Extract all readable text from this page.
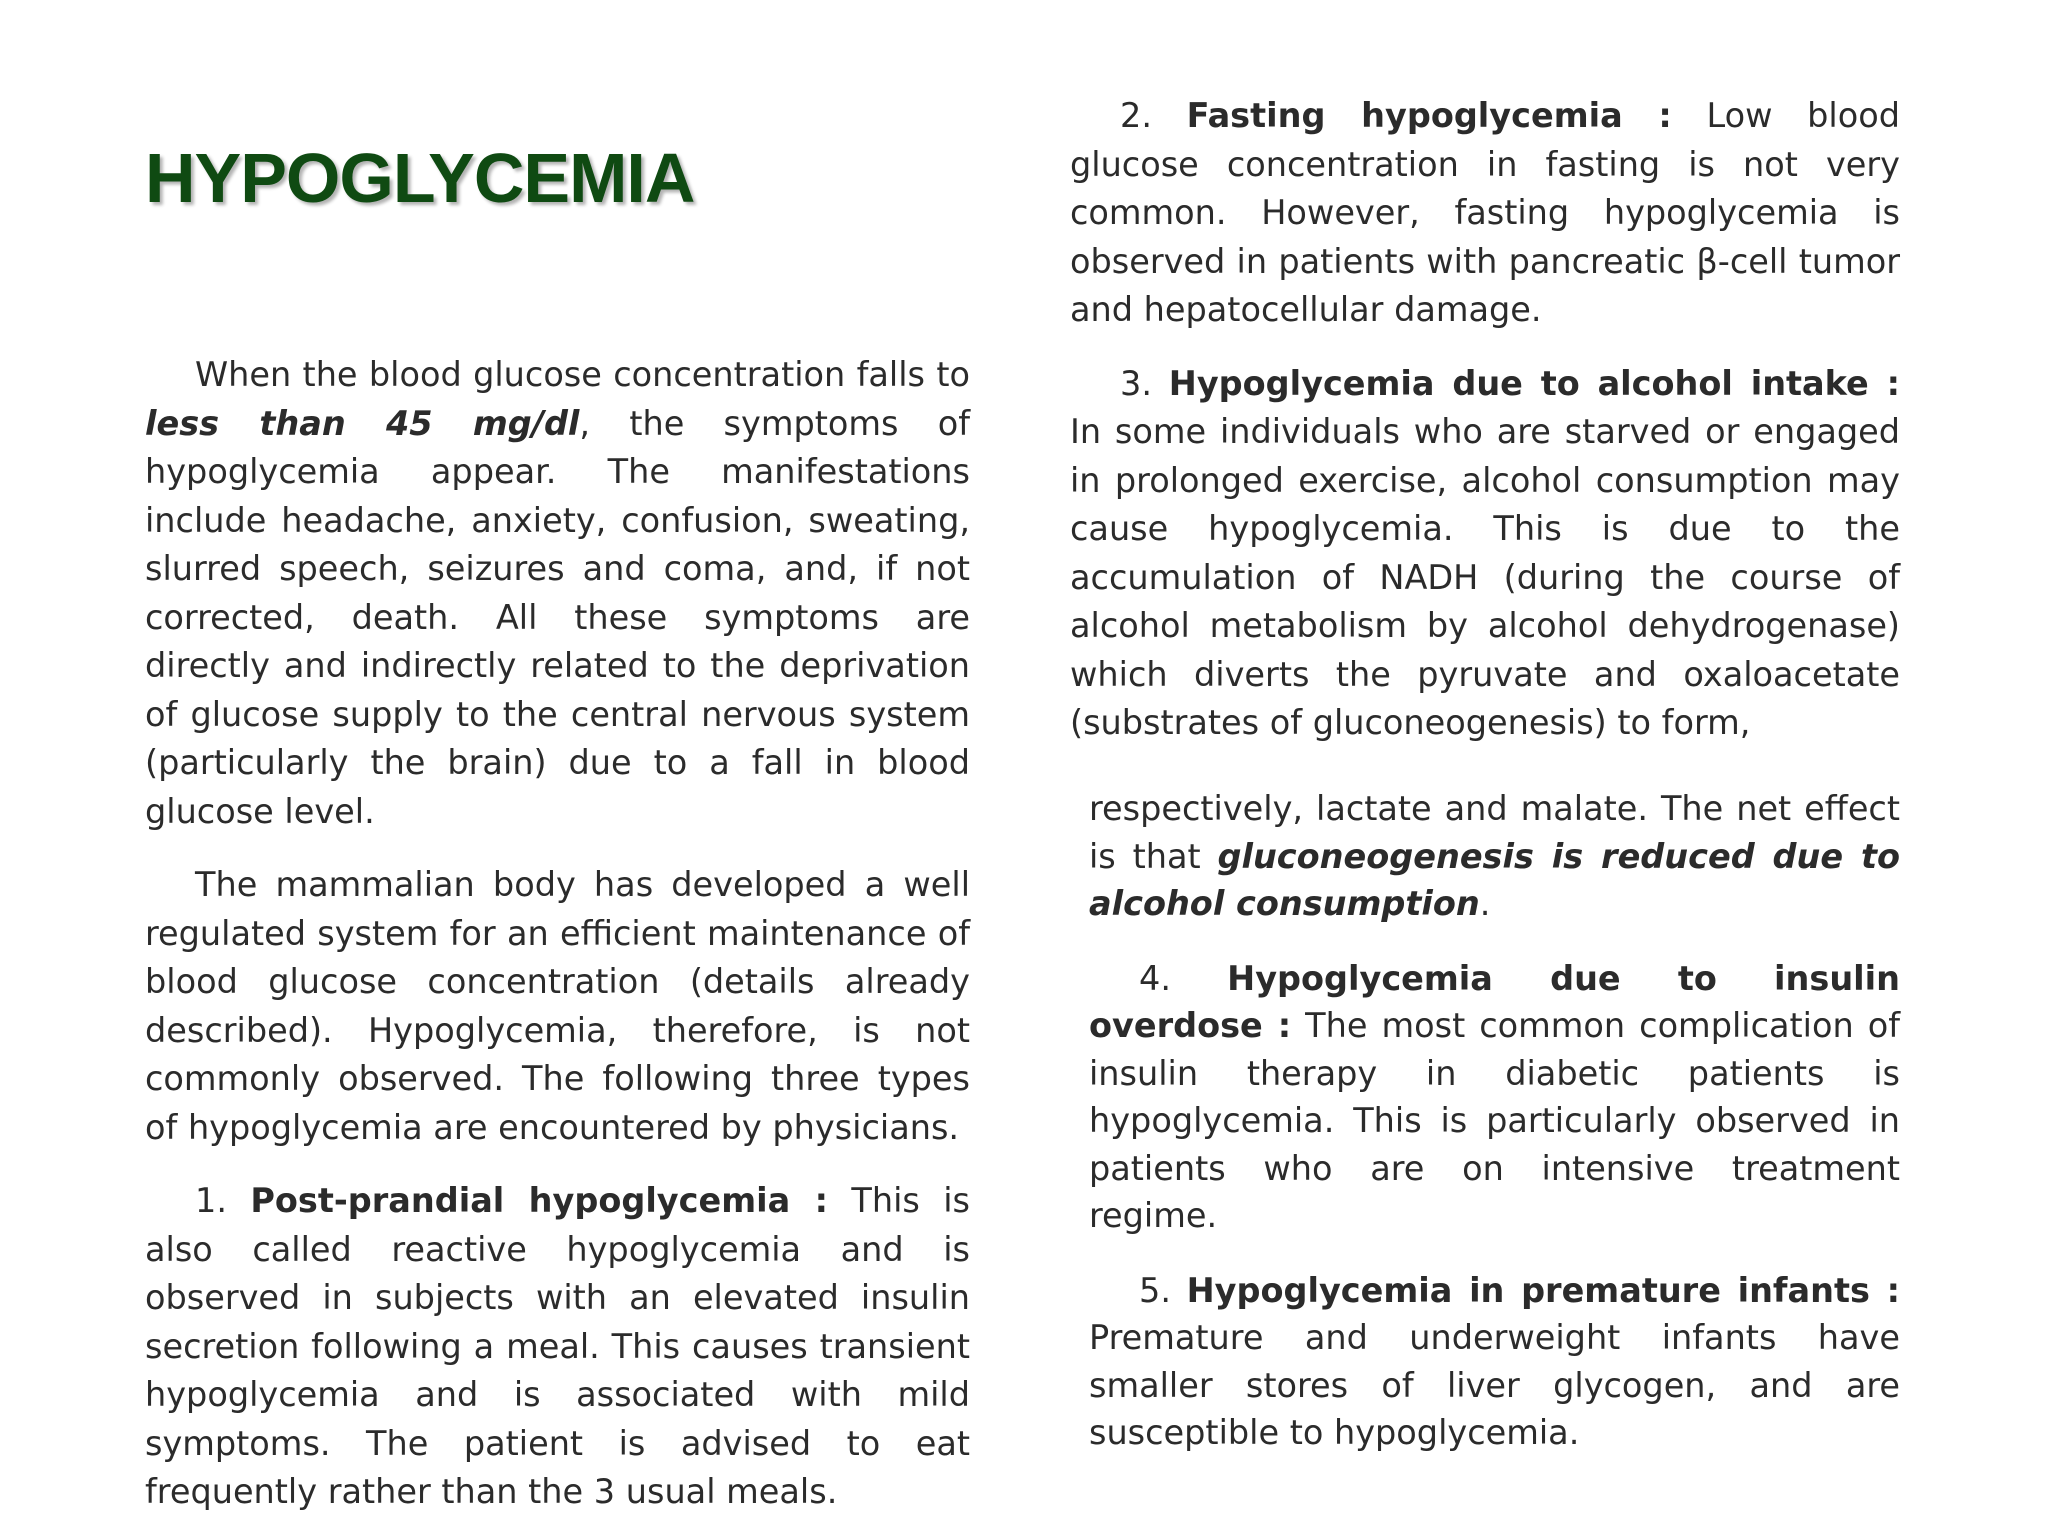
HYPOGLYCEMIA

When the blood glucose concentration falls to less than 45 mg/dl, the symptoms of hypoglycemia appear. The manifestations include headache, anxiety, confusion, sweating, slurred speech, seizures and coma, and, if not corrected, death. All these symptoms are directly and indirectly related to the deprivation of glucose supply to the central nervous system (particularly the brain) due to a fall in blood glucose level.

The mammalian body has developed a well regulated system for an efficient maintenance of blood glucose concentration (details already described). Hypoglycemia, therefore, is not commonly observed. The following three types of hypoglycemia are encountered by physicians.

1. Post-prandial hypoglycemia : This is also called reactive hypoglycemia and is observed in subjects with an elevated insulin secretion following a meal. This causes transient hypoglycemia and is associated with mild symptoms. The patient is advised to eat frequently rather than the 3 usual meals.

2. Fasting hypoglycemia : Low blood glucose concentration in fasting is not very common. However, fasting hypoglycemia is observed in patients with pancreatic β-cell tumor and hepatocellular damage.

3. Hypoglycemia due to alcohol intake : In some individuals who are starved or engaged in prolonged exercise, alcohol consumption may cause hypoglycemia. This is due to the accumulation of NADH (during the course of alcohol metabolism by alcohol dehydrogenase) which diverts the pyruvate and oxaloacetate (substrates of gluconeogenesis) to form,

respectively, lactate and malate. The net effect is that gluconeogenesis is reduced due to alcohol consumption.

4. Hypoglycemia due to insulin overdose : The most common complication of insulin therapy in diabetic patients is hypoglycemia. This is particularly observed in patients who are on intensive treatment regime.

5. Hypoglycemia in premature infants : Premature and underweight infants have smaller stores of liver glycogen, and are susceptible to hypoglycemia.
